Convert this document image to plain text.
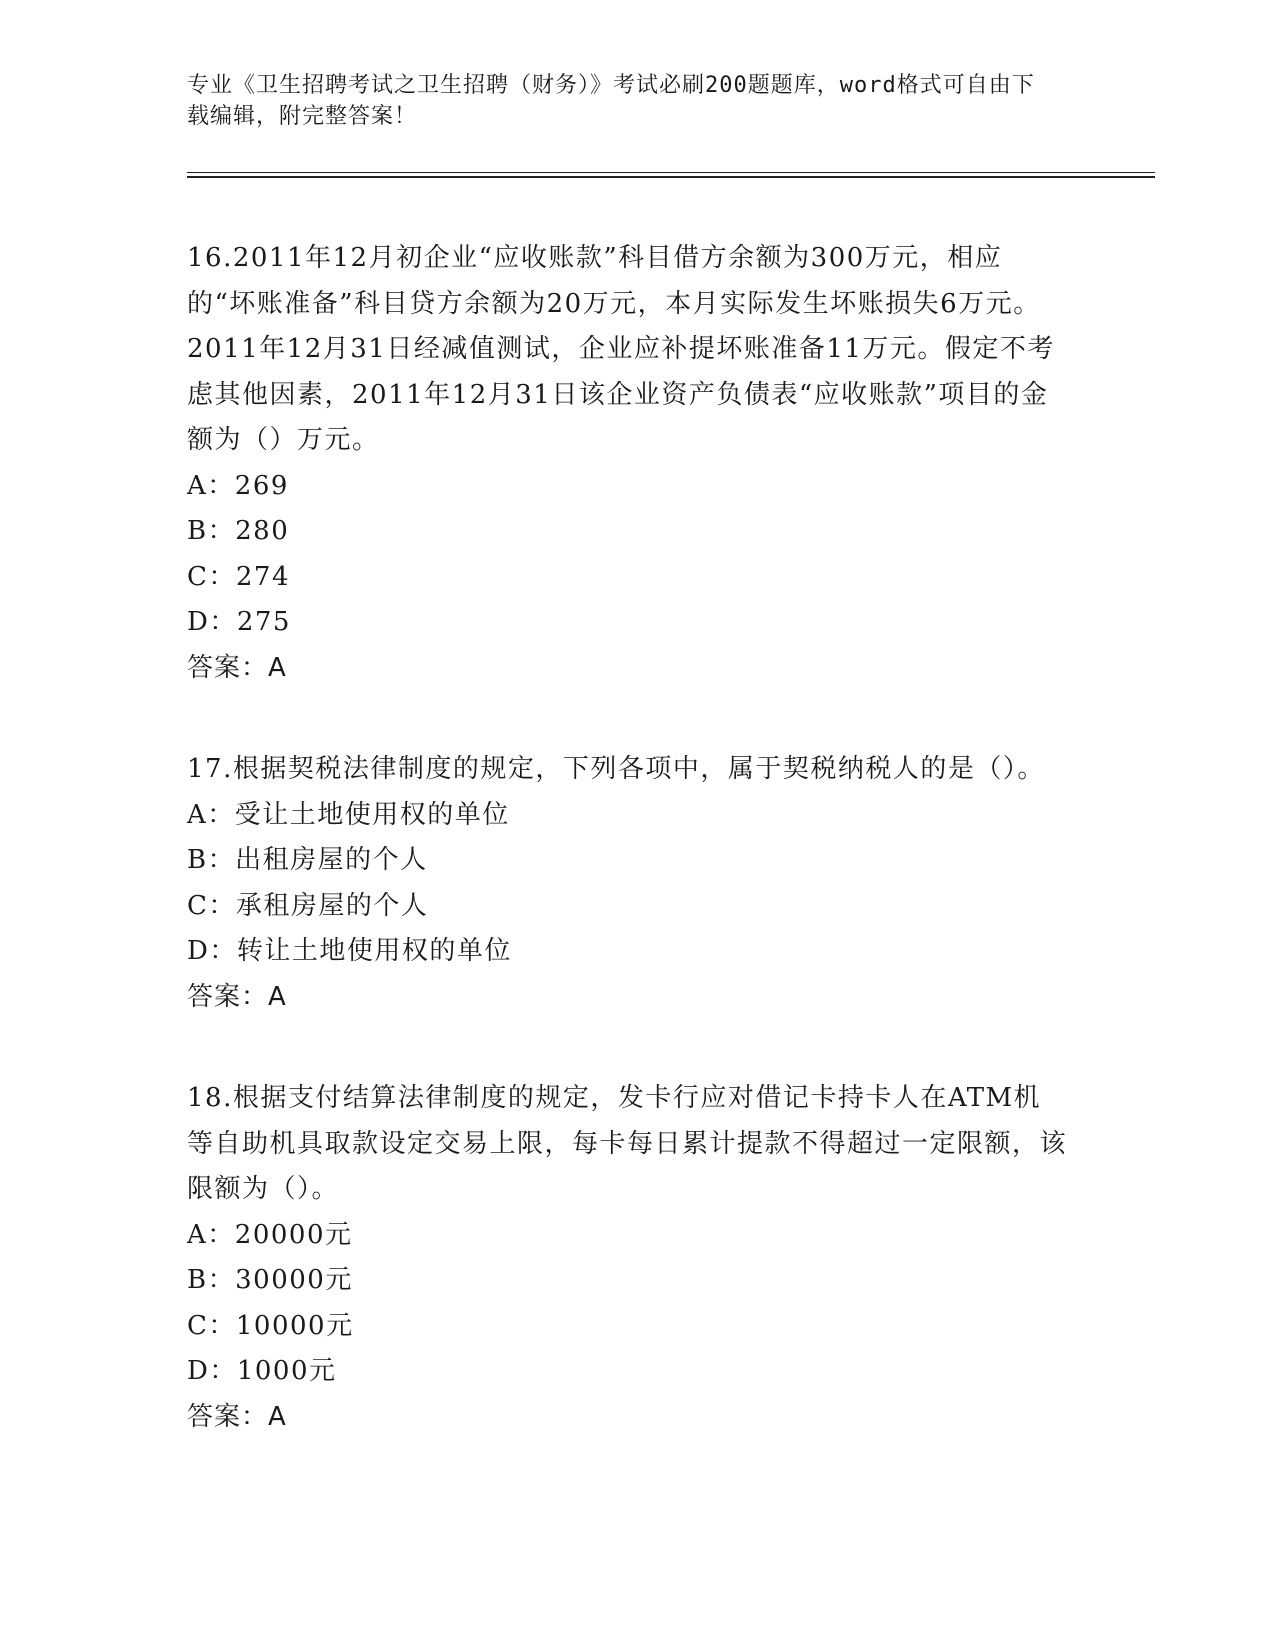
专业《卫生招聘考试之卫生招聘（财务）》考试必刷200题题库，word格式可自由下载编辑，附完整答案！
16.2011年12月初企业“应收账款”科目借方余额为300万元，相应的“坏账准备”科目贷方余额为20万元，本月实际发生坏账损失6万元。2011年12月31日经减值测试，企业应补提坏账准备11万元。假定不考虑其他因素，2011年12月31日该企业资产负债表“应收账款”项目的金额为（）万元。
A：269
B：280
C：274
D：275
答案：A
17.根据契税法律制度的规定，下列各项中，属于契税纳税人的是（）。
A：受让土地使用权的单位
B：出租房屋的个人
C：承租房屋的个人
D：转让土地使用权的单位
答案：A
18.根据支付结算法律制度的规定，发卡行应对借记卡持卡人在ATM机等自助机具取款设定交易上限，每卡每日累计提款不得超过一定限额，该限额为（）。
A：20000元
B：30000元
C：10000元
D：1000元
答案：A
